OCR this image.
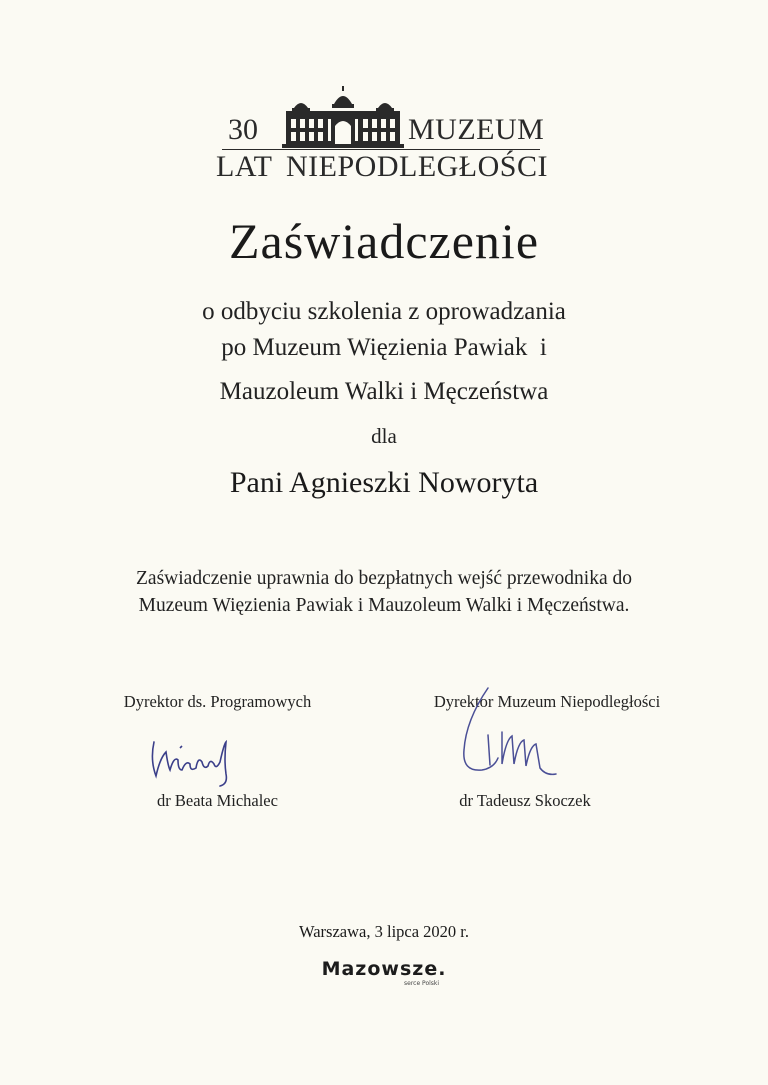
30
LAT
MUZEUM
NIEPODLEGŁOŚCI
Zaświadczenie
o odbyciu szkolenia z oprowadzania
po Muzeum Więzienia Pawiak  i
Mauzoleum Walki i Męczeństwa
dla
Pani Agnieszki Noworyta
Zaświadczenie uprawnia do bezpłatnych wejść przewodnika do
Muzeum Więzienia Pawiak i Mauzoleum Walki i Męczeństwa.
Dyrektor ds. Programowych
dr Beata Michalec
Dyrektor Muzeum Niepodległości
dr Tadeusz Skoczek
Warszawa, 3 lipca 2020 r.
Mazowsze.
serce Polski
